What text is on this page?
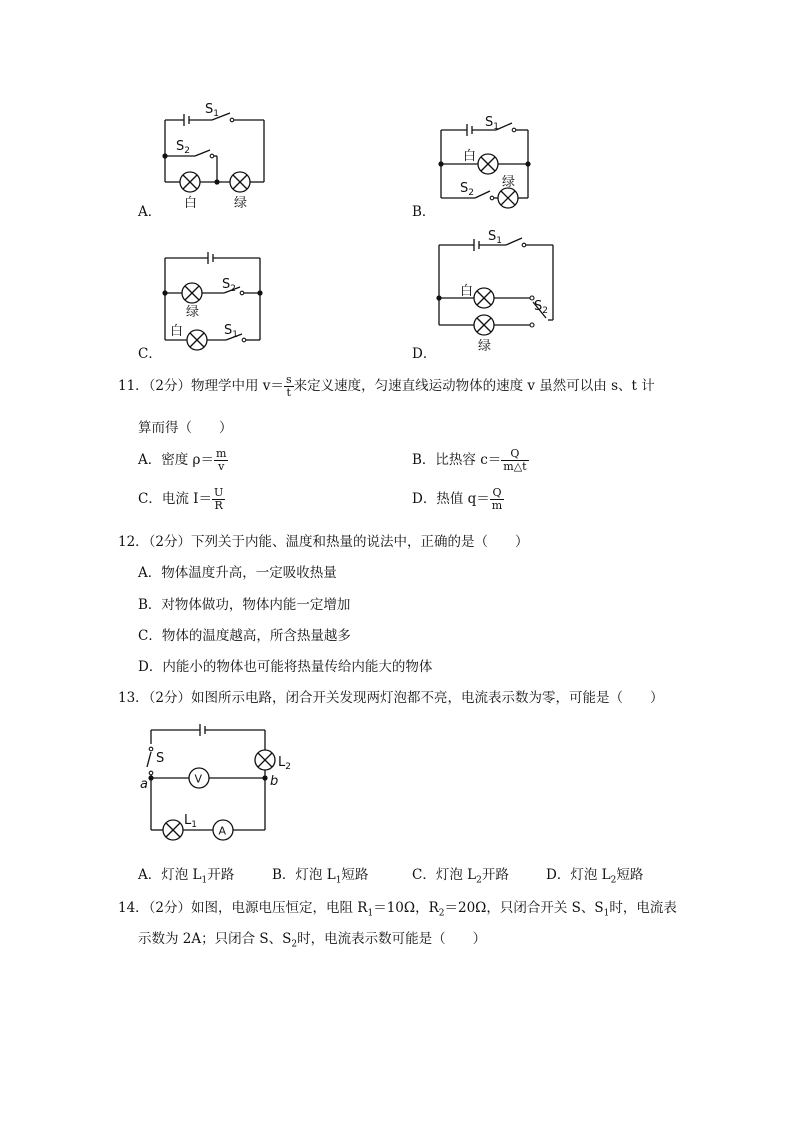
$S_1$
$S_2$
白	绿
$S_1$
白
绿
$S_2$
$S_2$
绿
白	$S_1$
$S_1$
白
$S_2$
绿
A．	B．
C．	D．
11．（2分）物理学中用 $v= \frac{s}{t}$ 来定义速度，匀速直线运动物体的速度 v 虽然可以由 s、t 计
算而得（　　）
A．密度 $\rho= \frac{m}{v}$	B．比热容 $c= \frac{Q}{m\triangle t}$
C．电流 $I= \frac{U}{R}$	D．热值 $q= \frac{Q}{m}$
12．（2分）下列关于内能、温度和热量的说法中，正确的是（　　）
A．物体温度升高，一定吸收热量
B．对物体做功，物体内能一定增加
C．物体的温度越高，所含热量越多
D．内能小的物体也可能将热量传给内能大的物体
13．（2分）如图所示电路，闭合开关发现两灯泡都不亮，电流表示数为零，可能是（　　）
V
A
S
a	b
$L_2$
$L_1$
A．灯泡 $L_1$开路	B．灯泡 $L_1$短路	C．灯泡 $L_2$开路	D．灯泡 $L_2$短路
14．（2分）如图，电源电压恒定，电阻 $R_1=10\Omega$，$R_2=20\Omega$，只闭合开关 S、$S_1$时，电流表
示数为 2A；只闭合 S、$S_2$时，电流表示数可能是（　　）
